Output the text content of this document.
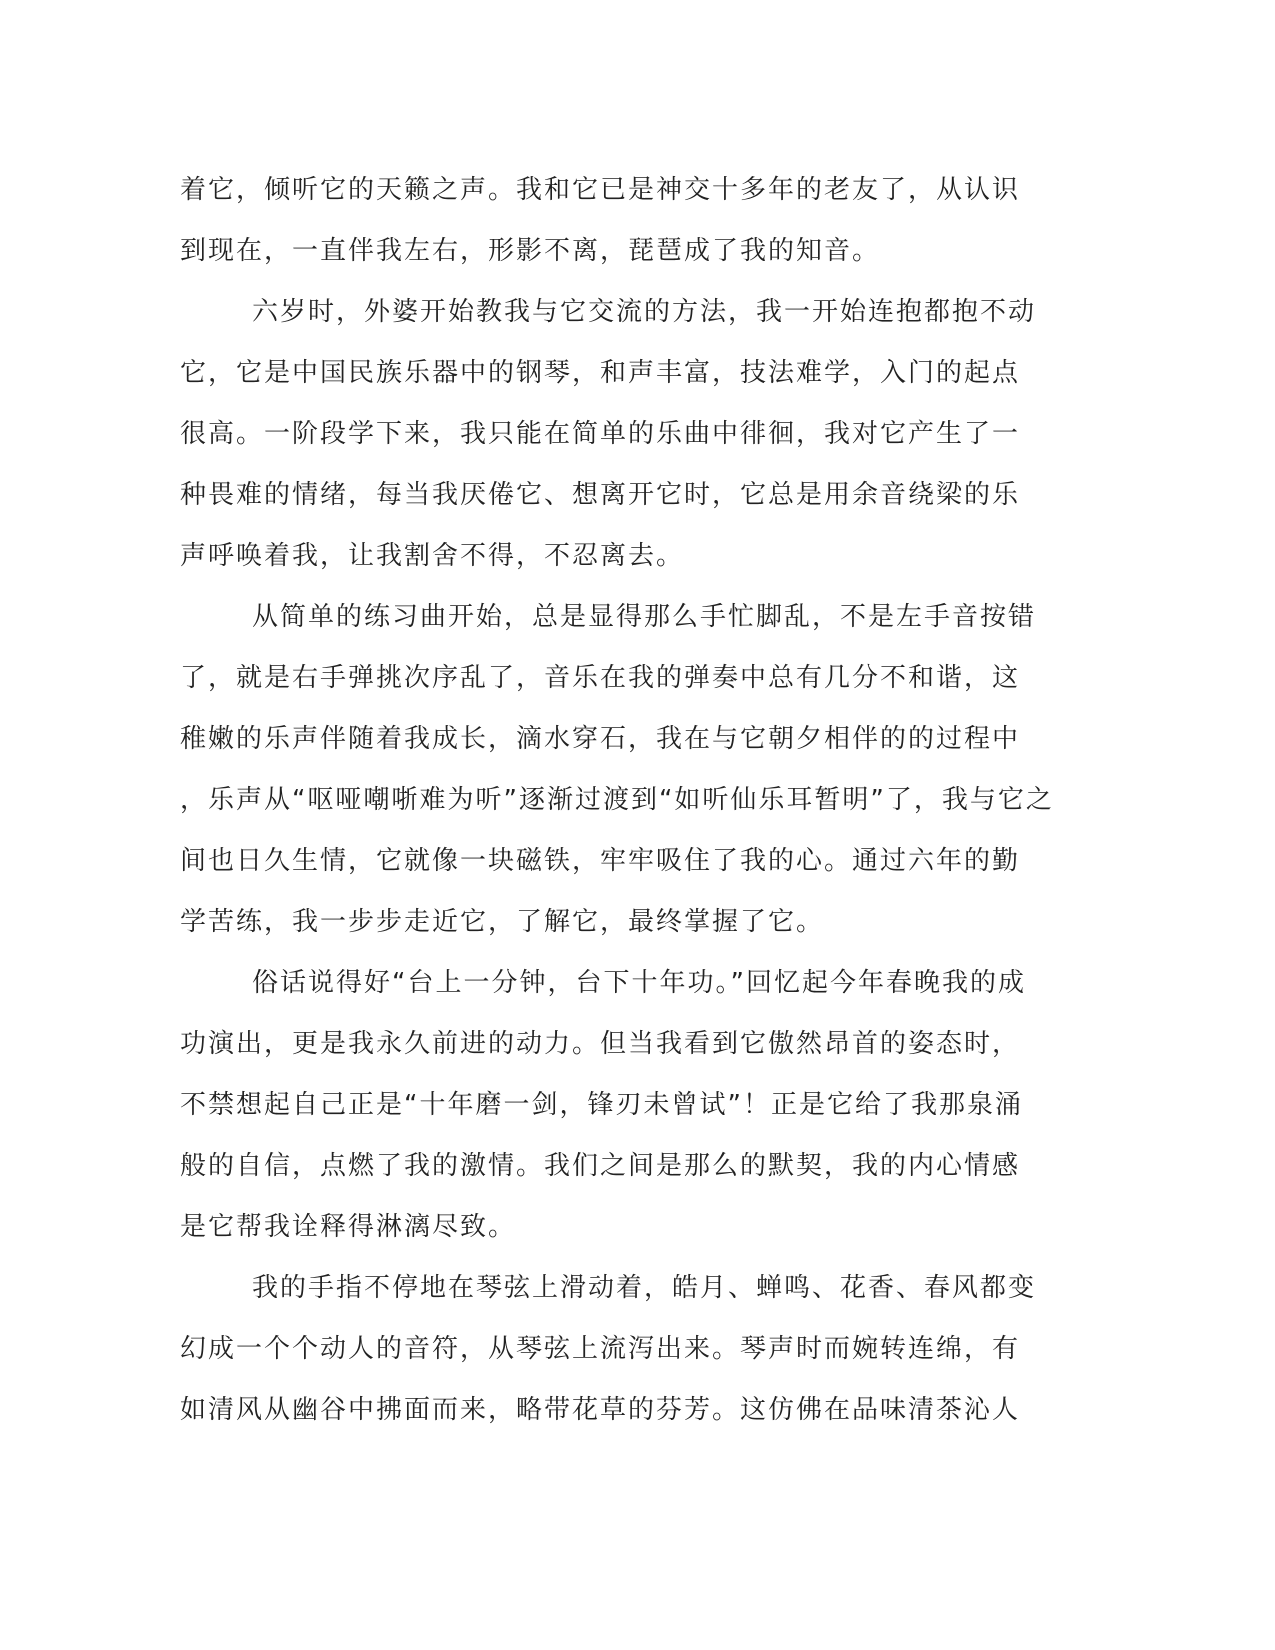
着它，倾听它的天籁之声。我和它已是神交十多年的老友了，从认识
到现在，一直伴我左右，形影不离，琵琶成了我的知音。
六岁时，外婆开始教我与它交流的方法，我一开始连抱都抱不动
它，它是中国民族乐器中的钢琴，和声丰富，技法难学，入门的起点
很高。一阶段学下来，我只能在简单的乐曲中徘徊，我对它产生了一
种畏难的情绪，每当我厌倦它、想离开它时，它总是用余音绕梁的乐
声呼唤着我，让我割舍不得，不忍离去。
从简单的练习曲开始，总是显得那么手忙脚乱，不是左手音按错
了，就是右手弹挑次序乱了，音乐在我的弹奏中总有几分不和谐，这
稚嫩的乐声伴随着我成长，滴水穿石，我在与它朝夕相伴的的过程中
，乐声从“呕哑嘲哳难为听”逐渐过渡到“如听仙乐耳暂明”了，我与它之
间也日久生情，它就像一块磁铁，牢牢吸住了我的心。通过六年的勤
学苦练，我一步步走近它，了解它，最终掌握了它。
俗话说得好“台上一分钟，台下十年功。”回忆起今年春晚我的成
功演出，更是我永久前进的动力。但当我看到它傲然昂首的姿态时，
不禁想起自己正是“十年磨一剑，锋刃未曾试”！正是它给了我那泉涌
般的自信，点燃了我的激情。我们之间是那么的默契，我的内心情感
是它帮我诠释得淋漓尽致。
我的手指不停地在琴弦上滑动着，皓月、蝉鸣、花香、春风都变
幻成一个个动人的音符，从琴弦上流泻出来。琴声时而婉转连绵，有
如清风从幽谷中拂面而来，略带花草的芬芳。这仿佛在品味清茶沁人
